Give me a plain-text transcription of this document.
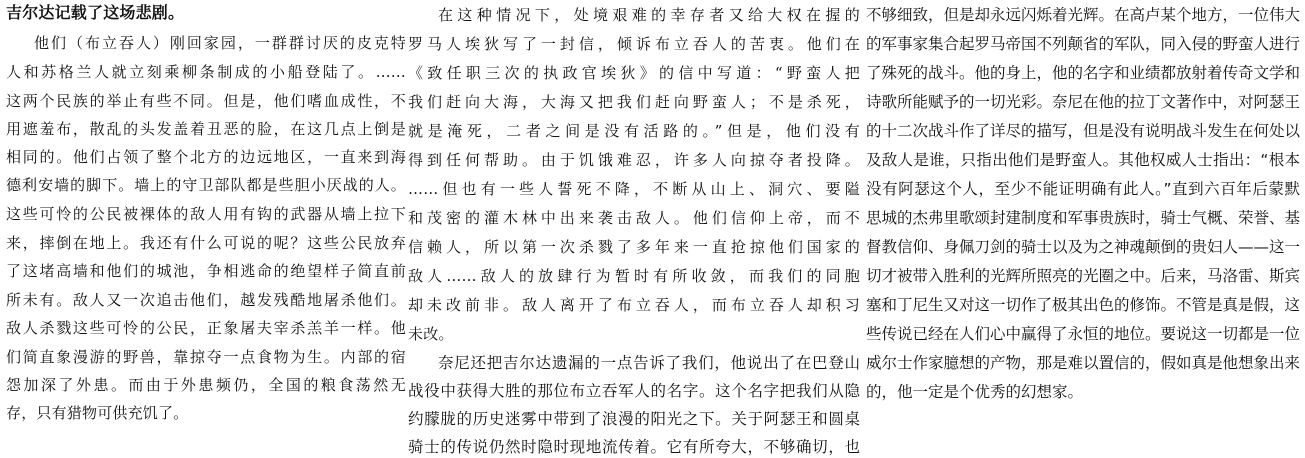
吉尔达记载了这场悲剧。
他们（布立吞人）刚回家园，一群群讨厌的皮克特
人和苏格兰人就立刻乘柳条制成的小船登陆了。……
这两个民族的举止有些不同。但是，他们嗜血成性，不
用遮羞布，散乱的头发盖着丑恶的脸，在这几点上倒是
相同的。他们占领了整个北方的边远地区，一直来到海
德利安墙的脚下。墙上的守卫部队都是些胆小厌战的人。
这些可怜的公民被裸体的敌人用有钩的武器从墙上拉下
来，摔倒在地上。我还有什么可说的呢？这些公民放弃
了这堵高墙和他们的城池，争相逃命的绝望样子简直前
所未有。敌人又一次追击他们，越发残酷地屠杀他们。
敌人杀戮这些可怜的公民，正象屠夫宰杀羔羊一样。他
们简直象漫游的野兽，靠掠夺一点食物为生。内部的宿
怨加深了外患。而由于外患频仍，全国的粮食荡然无
存，只有猎物可供充饥了。
在这种情况下，处境艰难的幸存者又给大权在握的
罗马人埃狄写了一封信，倾诉布立吞人的苦衷。他们在
《致任职三次的执政官埃狄》的信中写道：“野蛮人把
我们赶向大海，大海又把我们赶向野蛮人；不是杀死，
就是淹死，二者之间是没有活路的。”但是，他们没有
得到任何帮助。由于饥饿难忍，许多人向掠夺者投降。
……但也有一些人誓死不降，不断从山上、洞穴、要隘
和茂密的灌木林中出来袭击敌人。他们信仰上帝，而不
信赖人，所以第一次杀戮了多年来一直抢掠他们国家的
敌人……敌人的放肆行为暂时有所收敛，而我们的同胞
却未改前非。敌人离开了布立吞人，而布立吞人却积习
未改。
奈尼还把吉尔达遗漏的一点告诉了我们，他说出了在巴登山
战役中获得大胜的那位布立吞军人的名字。这个名字把我们从隐
约朦胧的历史迷雾中带到了浪漫的阳光之下。关于阿瑟王和圆桌
骑士的传说仍然时隐时现地流传着。它有所夸大，不够确切，也
不够细致，但是却永远闪烁着光辉。在高卢某个地方，一位伟大
的军事家集合起罗马帝国不列颠省的军队，同入侵的野蛮人进行
了殊死的战斗。他的身上，他的名字和业绩都放射着传奇文学和
诗歌所能赋予的一切光彩。奈尼在他的拉丁文著作中，对阿瑟王
的十二次战斗作了详尽的描写，但是没有说明战斗发生在何处以
及敌人是谁，只指出他们是野蛮人。其他权威人士指出：“根本
没有阿瑟这个人，至少不能证明确有此人。”直到六百年后蒙默
思城的杰弗里歌颂封建制度和军事贵族时，骑士气概、荣誉、基
督教信仰、身佩刀剑的骑士以及为之神魂颠倒的贵妇人——这一
切才被带入胜利的光辉所照亮的光圈之中。后来，马洛雷、斯宾
塞和丁尼生又对这一切作了极其出色的修饰。不管是真是假，这
些传说已经在人们心中赢得了永恒的地位。要说这一切都是一位
威尔士作家臆想的产物，那是难以置信的，假如真是他想象出来
的，他一定是个优秀的幻想家。
